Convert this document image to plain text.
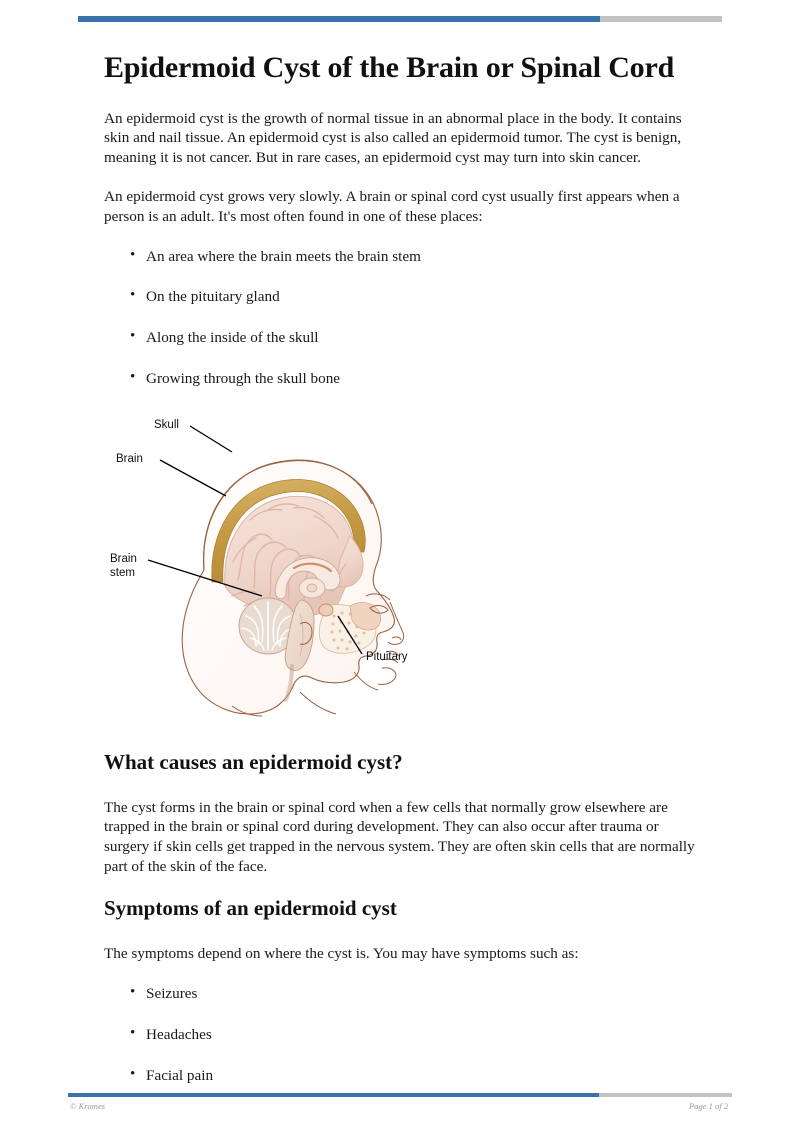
Epidermoid Cyst of the Brain or Spinal Cord

An epidermoid cyst is the growth of normal tissue in an abnormal place in the body. It contains skin and nail tissue. An epidermoid cyst is also called an epidermoid tumor. The cyst is benign, meaning it is not cancer. But in rare cases, an epidermoid cyst may turn into skin cancer.

An epidermoid cyst grows very slowly. A brain or spinal cord cyst usually first appears when a person is an adult. It's most often found in one of these places:

• An area where the brain meets the brain stem
• On the pituitary gland
• Along the inside of the skull
• Growing through the skull bone
Skull
Brain
Brain
stem
Pituitary
What causes an epidermoid cyst?

The cyst forms in the brain or spinal cord when a few cells that normally grow elsewhere are trapped in the brain or spinal cord during development. They can also occur after trauma or surgery if skin cells get trapped in the nervous system. They are often skin cells that are normally part of the skin of the face.

Symptoms of an epidermoid cyst

The symptoms depend on where the cyst is. You may have symptoms such as:

• Seizures
• Headaches
• Facial pain
© Krames	Page 1 of 2
